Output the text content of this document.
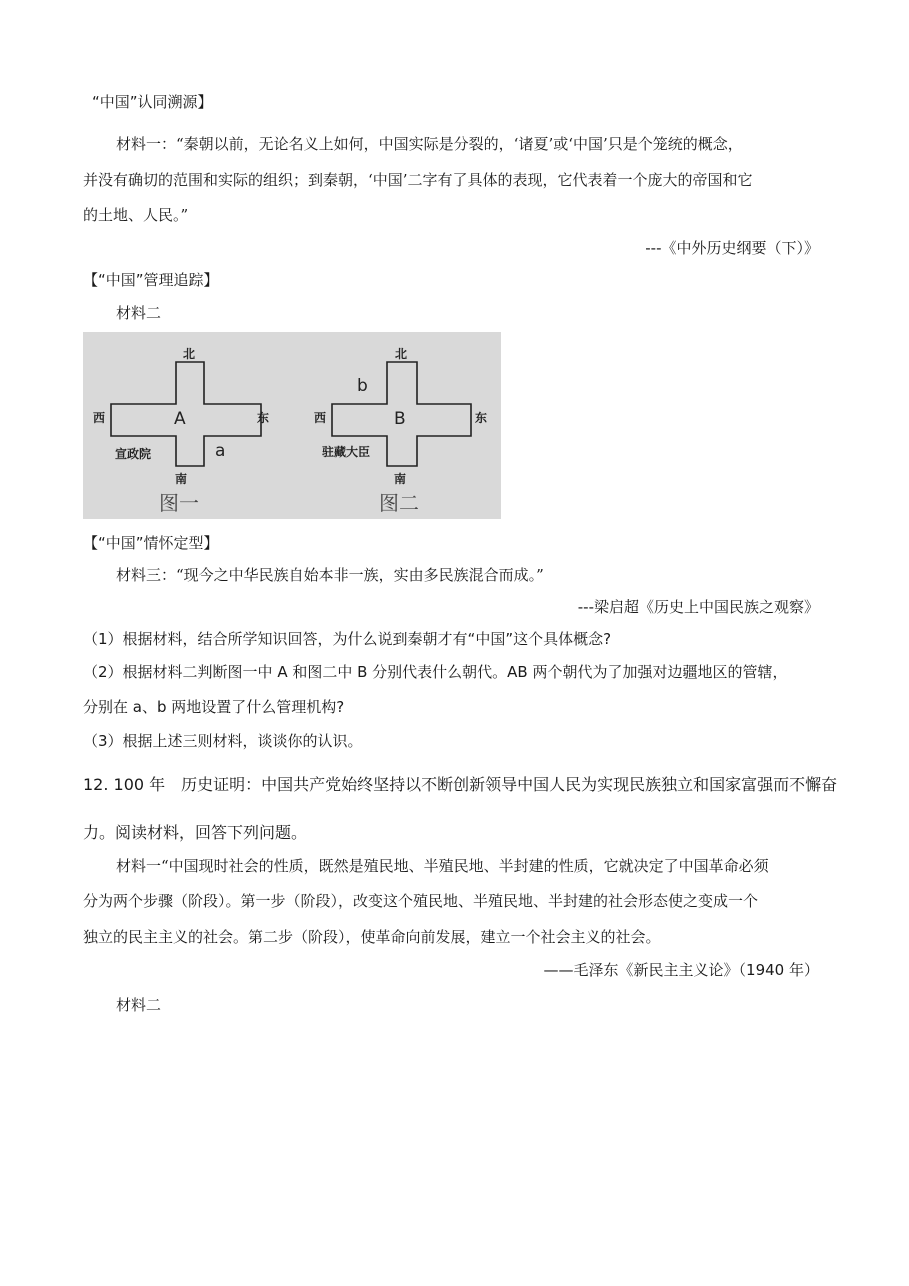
“中国”认同溯源】
材料一：“秦朝以前，无论名义上如何，中国实际是分裂的，‘诸夏’或‘中国’只是个笼统的概念，
并没有确切的范围和实际的组织；到秦朝，‘中国’二字有了具体的表现，它代表着一个庞大的帝国和它
的土地、人民。”
---《中外历史纲要（下）》
【“中国”管理追踪】
材料二
北
南
西	东
A
a
宣政院
图一
北
南
西	东
B
b
驻藏大臣
图二
【“中国”情怀定型】
材料三：“现今之中华民族自始本非一族，实由多民族混合而成。”
---梁启超《历史上中国民族之观察》
（1）根据材料，结合所学知识回答，为什么说到秦朝才有“中国”这个具体概念?
（2）根据材料二判断图一中 A 和图二中 B 分别代表什么朝代。AB 两个朝代为了加强对边疆地区的管辖，
分别在 a、b 两地设置了什么管理机构?
（3）根据上述三则材料，谈谈你的认识。
12. 100 年　历史证明：中国共产党始终坚持以不断创新领导中国人民为实现民族独立和国家富强而不懈奋
力。阅读材料，回答下列问题。
材料一“中国现时社会的性质，既然是殖民地、半殖民地、半封建的性质，它就决定了中国革命必须
分为两个步骤（阶段）。第一步（阶段），改变这个殖民地、半殖民地、半封建的社会形态使之变成一个
独立的民主主义的社会。第二步（阶段），使革命向前发展，建立一个社会主义的社会。
——毛泽东《新民主主义论》（1940 年）
材料二
